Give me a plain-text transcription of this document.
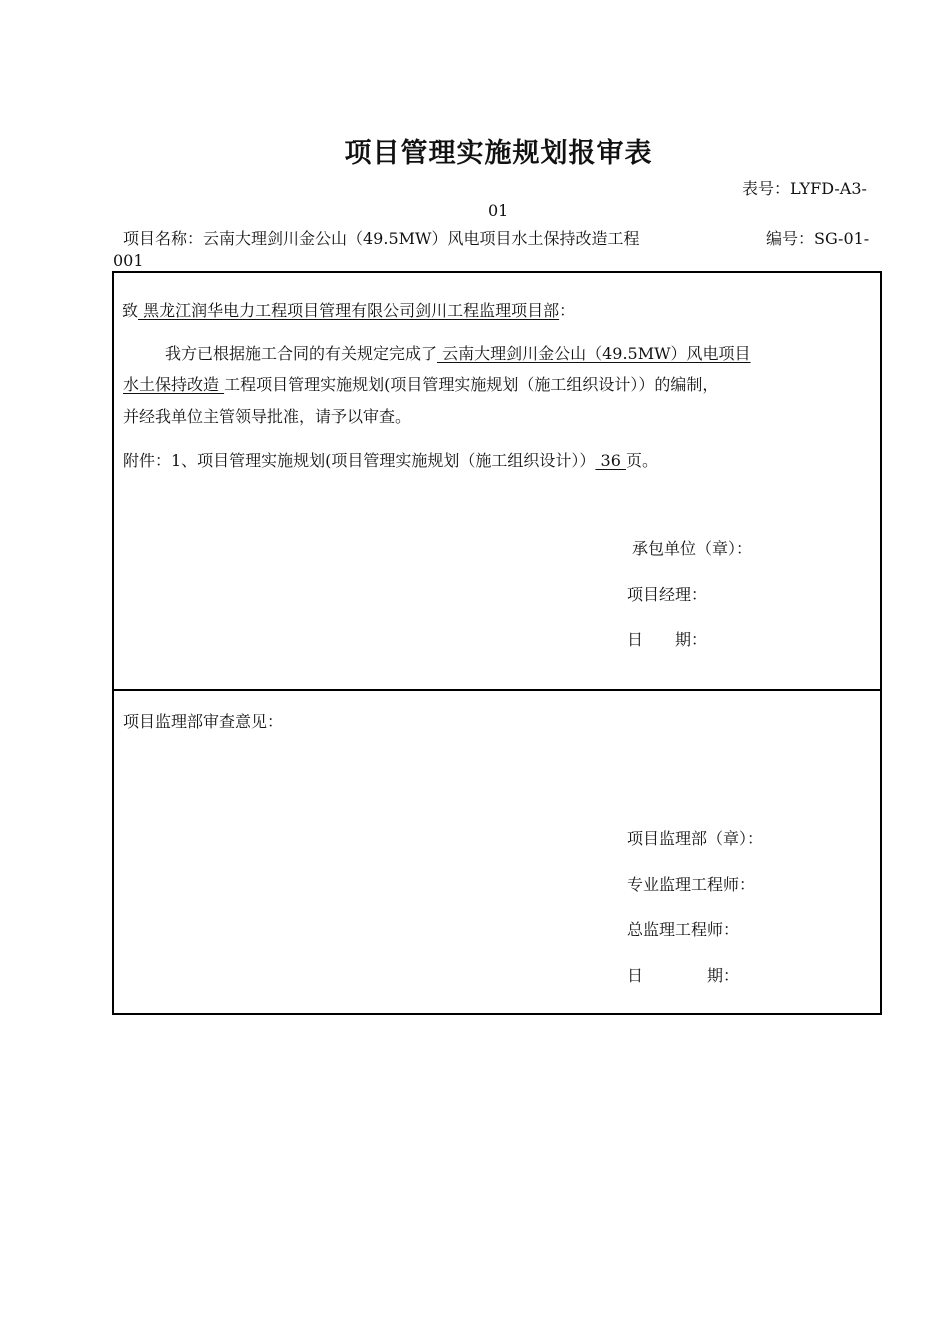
项目管理实施规划报审表
表号：LYFD-A3-
01
项目名称：云南大理剑川金公山（49.5MW）风电项目水土保持改造工程	编号：SG-01-
001
致 黑龙江润华电力工程项目管理有限公司剑川工程监理项目部：
我方已根据施工合同的有关规定完成了 云南大理剑川金公山（49.5MW）风电项目
水土保持改造 工程项目管理实施规划(项目管理实施规划（施工组织设计））的编制，
并经我单位主管领导批准，请予以审查。
附件：1、项目管理实施规划(项目管理实施规划（施工组织设计）） 36 页。
承包单位（章）：
项目经理：
日　　期：
项目监理部审查意见：
项目监理部（章）：
专业监理工程师：
总监理工程师：
日　　　　期：
